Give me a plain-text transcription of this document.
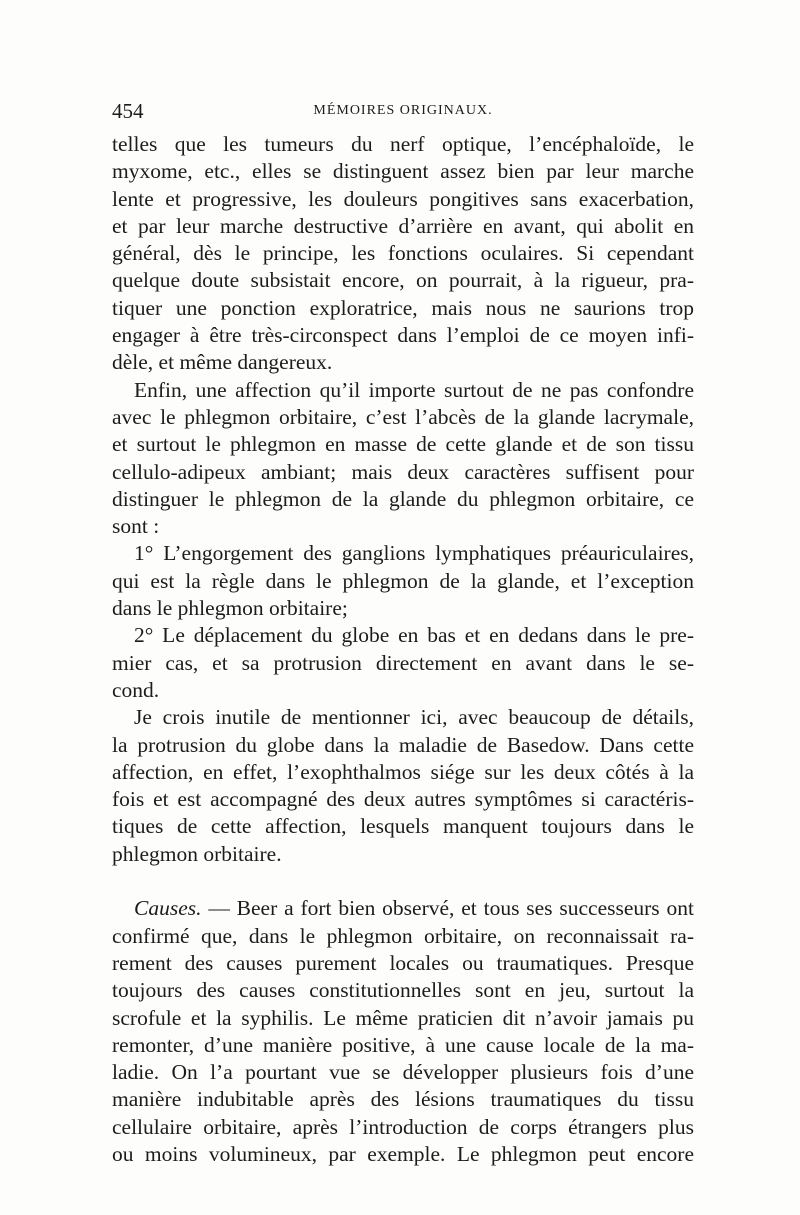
454	MÉMOIRES ORIGINAUX.
telles que les tumeurs du nerf optique, l’encéphaloïde, le
myxome, etc., elles se distinguent assez bien par leur marche
lente et progressive, les douleurs pongitives sans exacerbation,
et par leur marche destructive d’arrière en avant, qui abolit en
général, dès le principe, les fonctions oculaires. Si cependant
quelque doute subsistait encore, on pourrait, à la rigueur, pra-
tiquer une ponction exploratrice, mais nous ne saurions trop
engager à être très-circonspect dans l’emploi de ce moyen infi-
dèle, et même dangereux.
Enfin, une affection qu’il importe surtout de ne pas confondre
avec le phlegmon orbitaire, c’est l’abcès de la glande lacrymale,
et surtout le phlegmon en masse de cette glande et de son tissu
cellulo-adipeux ambiant; mais deux caractères suffisent pour
distinguer le phlegmon de la glande du phlegmon orbitaire, ce
sont :
1° L’engorgement des ganglions lymphatiques préauriculaires,
qui est la règle dans le phlegmon de la glande, et l’exception
dans le phlegmon orbitaire;
2° Le déplacement du globe en bas et en dedans dans le pre-
mier cas, et sa protrusion directement en avant dans le se-
cond.
Je crois inutile de mentionner ici, avec beaucoup de détails,
la protrusion du globe dans la maladie de Basedow. Dans cette
affection, en effet, l’exophthalmos siége sur les deux côtés à la
fois et est accompagné des deux autres symptômes si caractéris-
tiques de cette affection, lesquels manquent toujours dans le
phlegmon orbitaire.
Causes. — Beer a fort bien observé, et tous ses successeurs ont
confirmé que, dans le phlegmon orbitaire, on reconnaissait ra-
rement des causes purement locales ou traumatiques. Presque
toujours des causes constitutionnelles sont en jeu, surtout la
scrofule et la syphilis. Le même praticien dit n’avoir jamais pu
remonter, d’une manière positive, à une cause locale de la ma-
ladie. On l’a pourtant vue se développer plusieurs fois d’une
manière indubitable après des lésions traumatiques du tissu
cellulaire orbitaire, après l’introduction de corps étrangers plus
ou moins volumineux, par exemple. Le phlegmon peut encore
